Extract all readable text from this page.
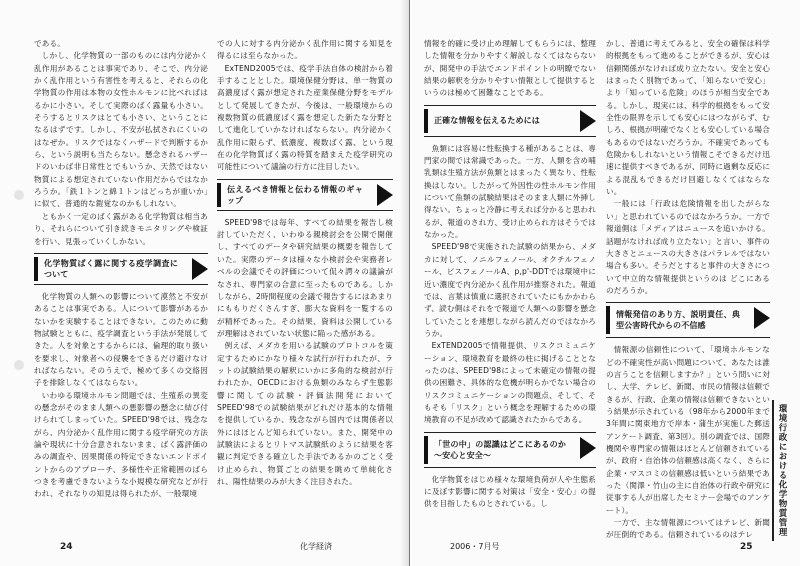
である。

しかし、化学物質の一部のものには内分泌かく乱作用があることは事実であり、そこで、内分泌かく乱作用という有害性を考えると、それらの化学物質の作用は本物の女性ホルモンに比べればはるかに小さい。そして実際のばく露量も小さい。そうするとリスクはとても小さい、ということになるはずです。しかし、不安が払拭されにくいのはなぜか。リスクではなくハザードで判断するから、という説明も当たらない。懸念されるハザードのいわば非日常性とでもいうか、天然ではない物質による想定されていない作用だからではなかろうか。「鉄１トンと綿１トンはどっちが重いか」に似て、普通的な鎧覚なのかもしれない。

ともかく一定のばく露がある化学物質は相当あり、それらについて引き続きモニタリングや検証を行い、見張っていくしかない。

化学物質ばく露に関する疫学調査について

化学物質の人類への影響について漠然と不安があることは事実である。人について影響があるかないかを実験することはできない。このために動物試験とともに、疫学調査という手法が発展してきた。人を対象とするからには、倫理的取り扱いを要求し、対象者への侵襲をできるだけ避けなければならない。そのうえで、極めて多くの交絡因子を排除しなくてはならない。

いわゆる環境ホルモン問題では、生殖系の異変の懸念がそのまま人類への悪影響の懸念に結び付けられてしまっていた。SPEED'98では、残念ながら、内分泌かく乱作用に関する疫学研究の方法論や現状に十分合意されないまま、ばく露評価のみの調査や、因果関係の特定できないエンドポイントからのアプローチ、多様性や正常範囲のばらつきを考慮できないような小規模な研究などが行われ、それなりの知見は得られたが、一般環境

での人に対する内分泌かく乱作用に関する知見を得るには至らなかった。

ExTEND2005では、疫学手法自体の検討から着手することとした。環境保健分野は、単一物質の高濃度ばく露が想定された産業保健分野をモデルとして発展してきたが、今後は、一般環境からの複数物質の低濃度ばく露を想定した新たな分野として進化していかなければならない。内分泌かく乱作用に限らず、低濃度、複数ばく露、という現在の化学物質ばく露の特質を踏まえた疫学研究の可能性について議論の行方に注目したい。

伝えるべき情報と伝わる情報のギャップ

SPEED'98では毎年、すべての結果を報告し検討していただく、いわゆる親検討会を公開で開催し、すべてのデータや研究結果の概要を報告していた。実際のデータは様々な小検討会や実務者レベルの会議でその評価について侃々諤々の議論がなされ、専門家の合意に至ったものである。しかしながら、2時間程度の会議で報告するにはあまりにももりだくさんすぎ、膨大な資料を一覧するのが精杯であった。その結果、資料は公開しているが理解はされていない状態に陥った感がある。

例えば、メダカを用いる試験のプロトコルを策定するためにかなり様々な試行が行われたが、ラットの試験結果の解釈にいかに多角的な検討が行われたか、OECDにおける魚類のみならず生態影響に関しての試験・評価法開発において SPEED'98での試験結果がどれだけ基本的な情報を提供しているか、残念ながら国内では関係者以外にはほとんど知られていない。また、開発中の試験法によるとリトマス試験紙のように結果を客観に判定できる確立した手法であるかのごとく受け止められ、物質ごとの結果を眺めて単純化され、陽性結果のみが大きく注目された。

24	化学経済

情報を的確に受け止め理解してもらうには、整理した情報を分かりやすく解説しなくてはならないが、開発中の手法でエンドポイントの明瞭でない結果の解釈を分かりやすい情報として提供するというのは極めて困難なことである。

正確な情報を伝えるためには

魚類には容易に性転換する種があることは、専門家の間では常識であった。一方、人類を含め哺乳類は生殖方法が魚類とはまったく異なり、性転換はしない。したがって外因性の性ホルモン作用について魚類の試験結果はそのまま人類に外挿し得ない。ちょっと冷静に考えれば分かると思われるが、報道のされ方、受け止められ方はそうではなかった。

SPEED'98で実施された試験の結果から、メダカに対して、ノニルフェノール、オクチルフェノール、ビスフェノールA、p,p'-DDTでは環境中に近い濃度で内分泌かく乱作用が推察された。報道では、言葉は慎重に選択されていたにもかかわらず、読む側はそれをで報道で人類への影響を懸念していたことを連想しながら読んだのではなかろうか。

ExTEND2005で情報提供、リスクコミュニケーション、環境教育を最終の柱に掲げることとなったのは、SPEED'98によって未確定の情報の提供の困難さ、具体的な危機が明らかでない場合のリスクコミュニケーションの問題点、そして、そもそも「リスク」という概念を理解するための環境教育の不足が改めて認識されたからである。

「世の中」の認識はどこにあるのか ～安心と安全～

化学物質をはじめ様々な環境負荷が人や生態系に及ぼす影響に関する対策は「安全・安心」の提供を目指したものとされている。し

かし、普通に考えてみると、安全の確保は科学的根拠をもって進めることができるが、安心は信頼関係がなければ成り立たない。安全と安心はまったく別物であって、「知らないで安心」より「知っている危険」のほうが相当安全である。しかし、現実には、科学的根拠をもって安全性の限界を示しても安心にはつながらず、むしろ、根拠が明確でなくとも安心している場合もあるのではないだろうか。不確実であっても危険かもしれないという情報こそできるだけ迅速に提供すべきであるが、同時に過剰な反応による混乱もできるだけ回避しなくてはならない。

一般には「行政は危険情報を出したがらない」と思われているのではなかろうか。一方で報道側は「メディアはニュースを追いかける。話題がなければ成り立たない」と言い、事件の大きさとニュースの大きさはパラレルではない場合も多い。そうだとすると事件の大きさについて中立的な情報提供というのは どこにあるのだろうか。

情報発信のあり方、説明責任、典型公害時代からの不信感

情報源の信頼性について、「環境ホルモンなどの不確実性が高い問題について、あなたは誰の言うことを信頼しますか？」という問いに対し、大学、テレビ、新聞、市民の情報は信頼できるが、行政、企業の情報は信頼できないという結果が示されている（98年から2000年まで3年間に関東地方で岸本・蒲生が実施した郵送アンケート調査、第3回）。別の調査では、国際機関や専門家の情報はほとんど信頼されているが、政府・自治体の信頼感は高くなく、さらに企業・マスコミの信頼感は低いという結果であった（関澤・竹山の主に自治体の行政や研究に従事する人が出席したセミナー会場でのアンケート）。

一方で、主な情報源についてはテレビ、新聞が圧倒的である。信頼されているのはテレ	環境行政における化学物質管理
2006・7月号	25
